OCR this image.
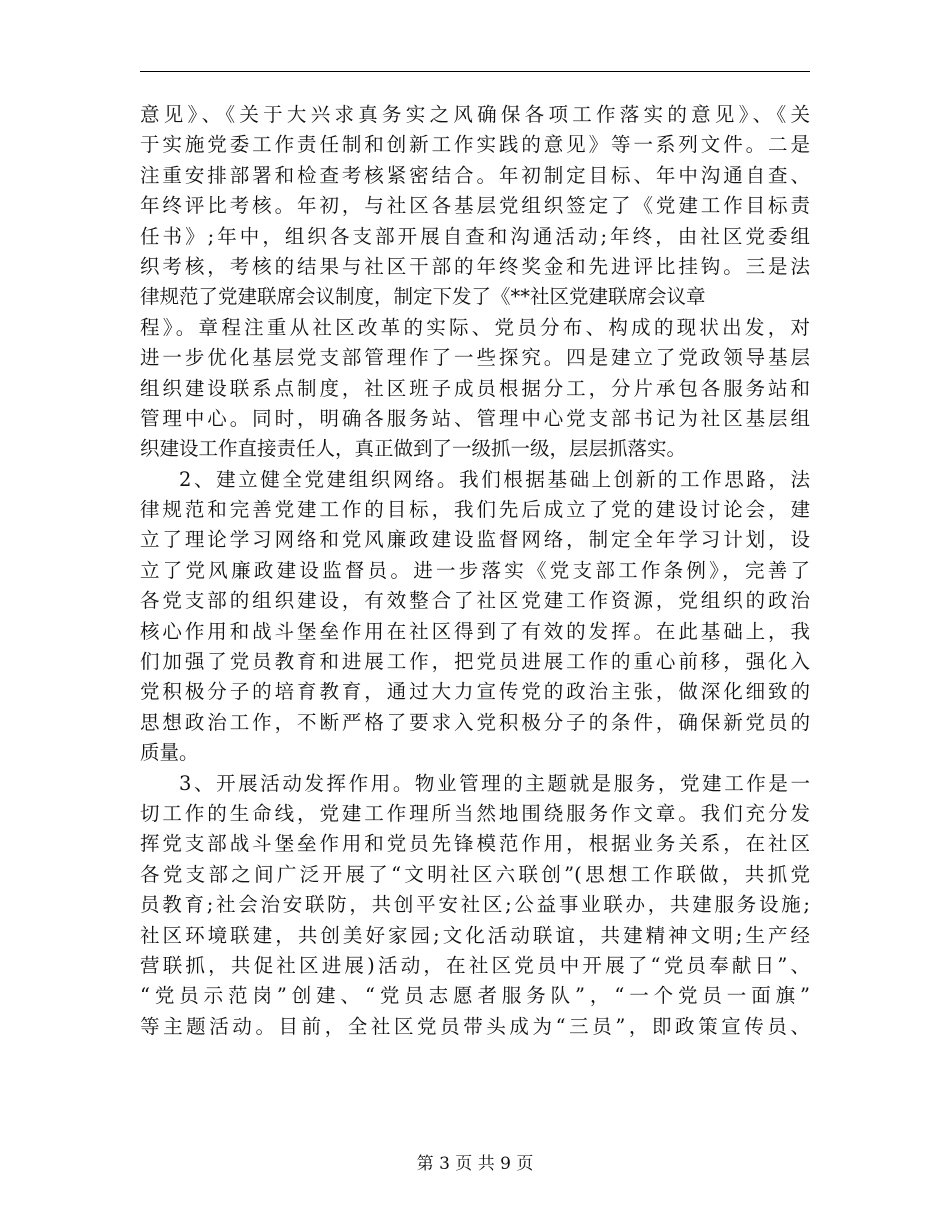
意见》、《关于大兴求真务实之风确保各项工作落实的意见》、《关
于实施党委工作责任制和创新工作实践的意见》等一系列文件。二是
注重安排部署和检查考核紧密结合。年初制定目标、年中沟通自查、
年终评比考核。年初，与社区各基层党组织签定了《党建工作目标责
任书》;年中，组织各支部开展自查和沟通活动;年终，由社区党委组
织考核，考核的结果与社区干部的年终奖金和先进评比挂钩。三是法
律规范了党建联席会议制度，制定下发了《**社区党建联席会议章
程》。章程注重从社区改革的实际、党员分布、构成的现状出发，对
进一步优化基层党支部管理作了一些探究。四是建立了党政领导基层
组织建设联系点制度，社区班子成员根据分工，分片承包各服务站和
管理中心。同时，明确各服务站、管理中心党支部书记为社区基层组
织建设工作直接责任人，真正做到了一级抓一级，层层抓落实。
2、建立健全党建组织网络。我们根据基础上创新的工作思路，法
律规范和完善党建工作的目标，我们先后成立了党的建设讨论会，建
立了理论学习网络和党风廉政建设监督网络，制定全年学习计划，设
立了党风廉政建设监督员。进一步落实《党支部工作条例》，完善了
各党支部的组织建设，有效整合了社区党建工作资源，党组织的政治
核心作用和战斗堡垒作用在社区得到了有效的发挥。在此基础上，我
们加强了党员教育和进展工作，把党员进展工作的重心前移，强化入
党积极分子的培育教育，通过大力宣传党的政治主张，做深化细致的
思想政治工作，不断严格了要求入党积极分子的条件，确保新党员的
质量。
3、开展活动发挥作用。物业管理的主题就是服务，党建工作是一
切工作的生命线，党建工作理所当然地围绕服务作文章。我们充分发
挥党支部战斗堡垒作用和党员先锋模范作用，根据业务关系，在社区
各党支部之间广泛开展了“文明社区六联创”(思想工作联做，共抓党
员教育;社会治安联防，共创平安社区;公益事业联办，共建服务设施;
社区环境联建，共创美好家园;文化活动联谊，共建精神文明;生产经
营联抓，共促社区进展)活动，在社区党员中开展了“党员奉献日”、
“党员示范岗”创建、“党员志愿者服务队”，“一个党员一面旗”
等主题活动。目前，全社区党员带头成为“三员”，即政策宣传员、
第 3 页 共 9 页
